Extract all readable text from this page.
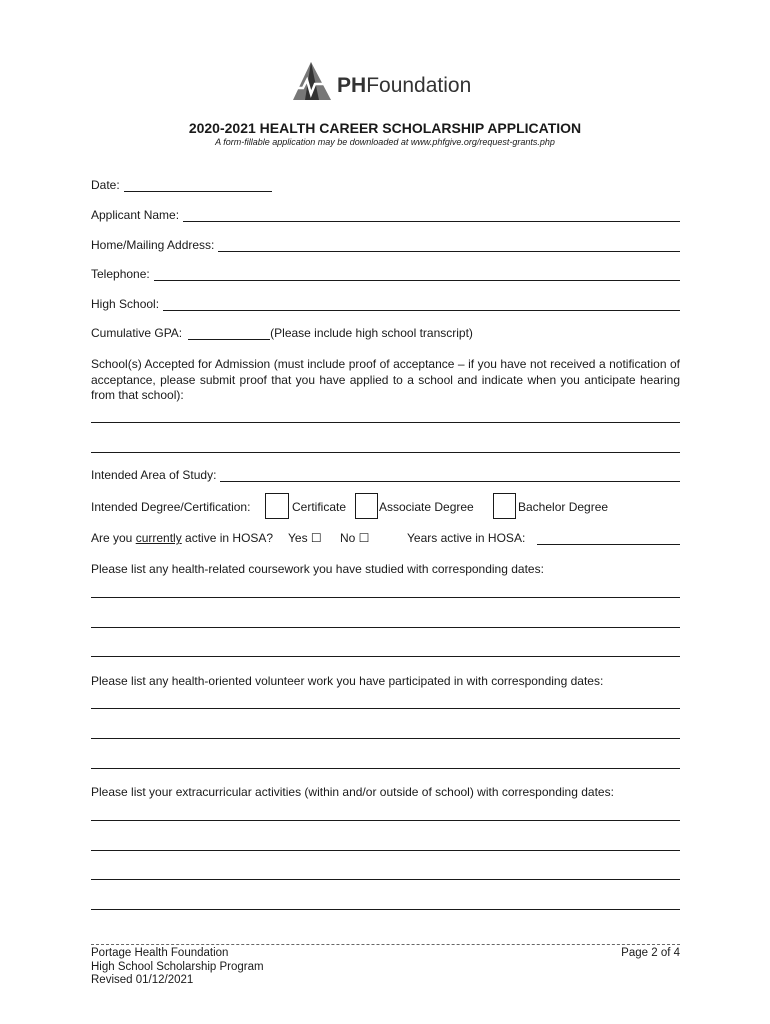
PHFoundation
2020-2021 HEALTH CAREER SCHOLARSHIP APPLICATION
A form-fillable application may be downloaded at www.phfgive.org/request-grants.php
Date:
Applicant Name:
Home/Mailing Address:
Telephone:
High School:
Cumulative GPA:	(Please include high school transcript)
School(s) Accepted for Admission (must include proof of acceptance – if you have not received a notification of acceptance, please submit proof that you have applied to a school and indicate when you anticipate hearing from that school):
Intended Area of Study:
Intended Degree/Certification:	Certificate	Associate Degree	Bachelor Degree
Are you currently active in HOSA? Yes ☐ No ☐	Years active in HOSA:
Please list any health-related coursework you have studied with corresponding dates:
Please list any health-oriented volunteer work you have participated in with corresponding dates:
Please list your extracurricular activities (within and/or outside of school) with corresponding dates:
Portage Health Foundation
High School Scholarship Program
Revised 01/12/2021
Page 2 of 4
